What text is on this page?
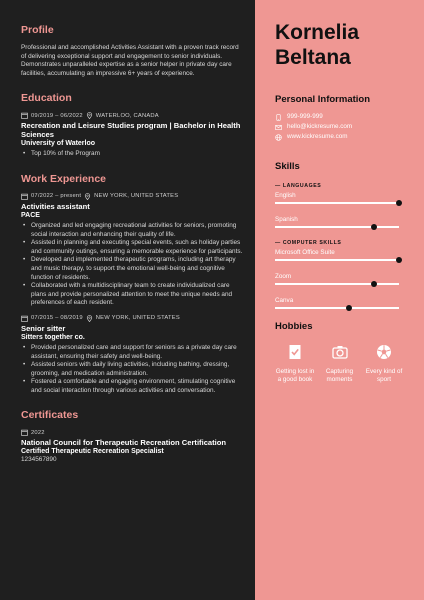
Profile
Professional and accomplished Activities Assistant with a proven track record of delivering exceptional support and engagement to senior individuals. Demonstrates unparalleled expertise as a senior helper in private day care facilities, accumulating an impressive 6+ years of experience.
Education
09/2019 – 06/2022 WATERLOO, CANADA
Recreation and Leisure Studies program | Bachelor in Health Sciences
University of Waterloo
• Top 10% of the Program
Work Experience
07/2022 – present NEW YORK, UNITED STATES
Activities assistant
PACE
• Organized and led engaging recreational activities for seniors, promoting social interaction and enhancing their quality of life.
• Assisted in planning and executing special events, such as holiday parties and community outings, ensuring a memorable experience for participants.
• Developed and implemented therapeutic programs, including art therapy and music therapy, to support the emotional well-being and cognitive function of residents.
• Collaborated with a multidisciplinary team to create individualized care plans and provide personalized attention to meet the unique needs and preferences of each resident.
07/2015 – 08/2019 NEW YORK, UNITED STATES
Senior sitter
Sitters together co.
• Provided personalized care and support for seniors as a private day care assistant, ensuring their safety and well-being.
• Assisted seniors with daily living activities, including bathing, dressing, grooming, and medication administration.
• Fostered a comfortable and engaging environment, stimulating cognitive and social interaction through various activities and conversation.
Certificates
2022
National Council for Therapeutic Recreation Certification
Certified Therapeutic Recreation Specialist
1234567890
Kornelia
Beltana
Personal Information
999-999-999
hello@kickresume.com
www.kickresume.com
Skills
— LANGUAGES
English
Spanish
— COMPUTER SKILLS
Microsoft Office Suite
Zoom
Canva
Hobbies
Getting lost in a good book
Capturing moments
Every kind of sport
